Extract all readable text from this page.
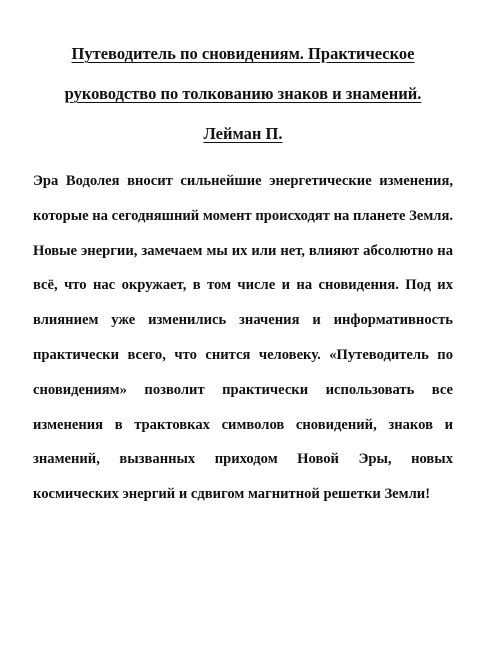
Путеводитель по сновидениям. Практическое
руководство по толкованию знаков и знамений.

Лейман П.

Эра Водолея вносит сильнейшие энергетические изменения, которые на сегодняшний момент происходят на планете Земля. Новые энергии, замечаем мы их или нет, влияют абсолютно на всё, что нас окружает, в том числе и на сновидения. Под их влиянием уже изменились значения и информативность практически всего, что снится человеку. «Путеводитель по сновидениям» позволит практически использовать все изменения в трактовках символов сновидений, знаков и знамений, вызванных приходом Новой Эры, новых космических энергий и сдвигом магнитной решетки Земли!
